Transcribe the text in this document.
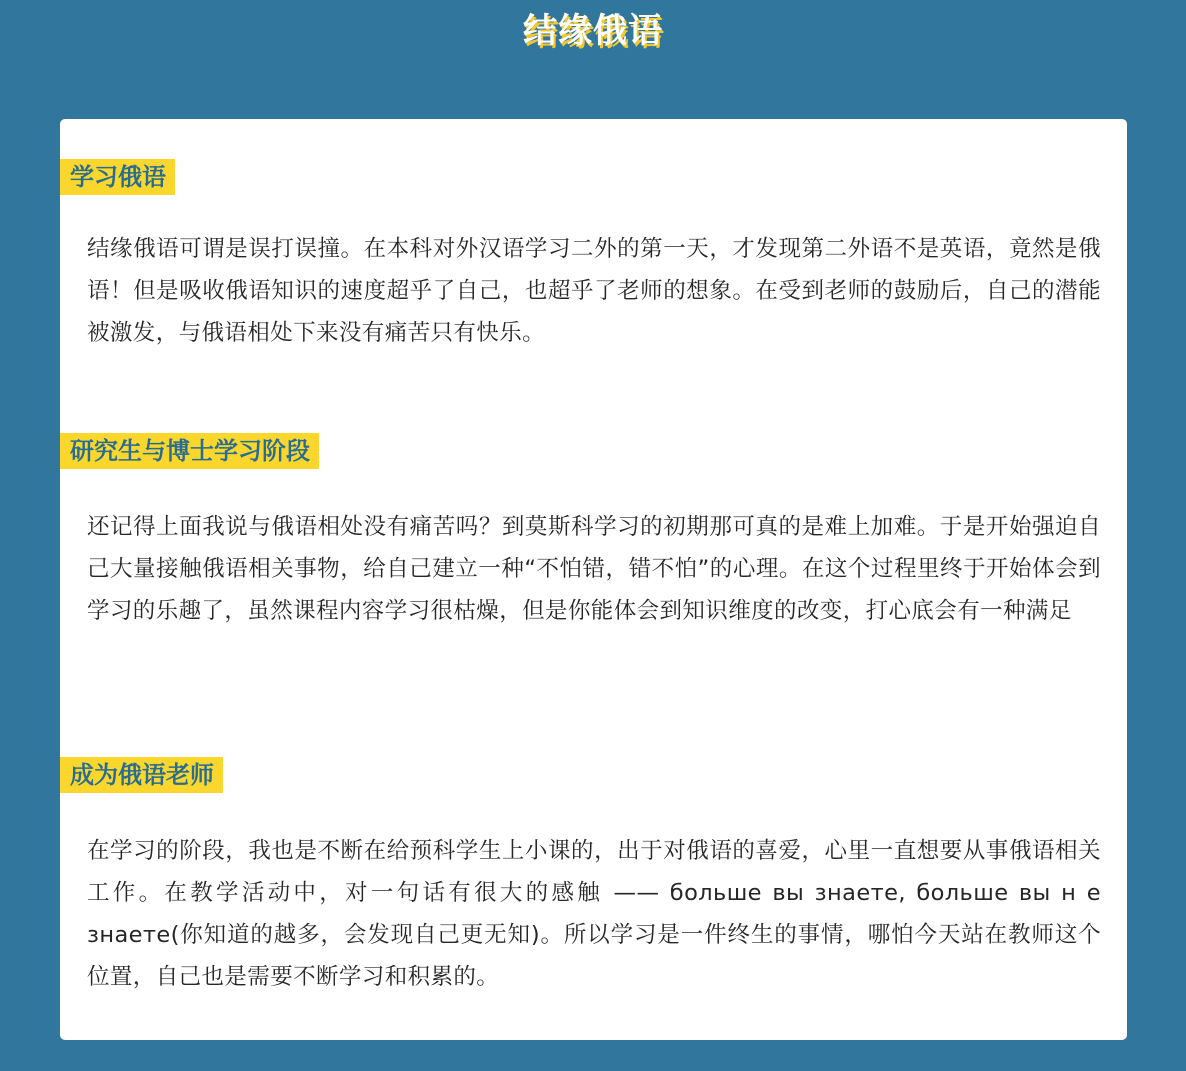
结缘俄语
学习俄语

结缘俄语可谓是误打误撞。在本科对外汉语学习二外的第一天，才发现第二外语不是英语，竟然是俄语！但是吸收俄语知识的速度超乎了自己，也超乎了老师的想象。在受到老师的鼓励后，自己的潜能被激发，与俄语相处下来没有痛苦只有快乐。

研究生与博士学习阶段

还记得上面我说与俄语相处没有痛苦吗？到莫斯科学习的初期那可真的是难上加难。于是开始强迫自己大量接触俄语相关事物，给自己建立一种“不怕错，错不怕”的心理。在这个过程里终于开始体会到学习的乐趣了，虽然课程内容学习很枯燥，但是你能体会到知识维度的改变，打心底会有一种满足

成为俄语老师

在学习的阶段，我也是不断在给预科学生上小课的，出于对俄语的喜爱，心里一直想要从事俄语相关工作。在教学活动中，对一句话有很大的感触 —— больше вы знаете, больше вы н е знаете(你知道的越多，会发现自己更无知)。所以学习是一件终生的事情，哪怕今天站在教师这个位置，自己也是需要不断学习和积累的。
